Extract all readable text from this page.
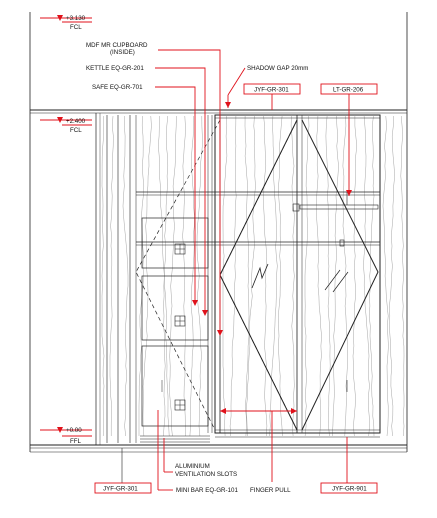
+3.130
FCL
+2.400
FCL
+0.00
FFL
MDF MR CUPBOARD
(INSIDE)
KETTLE EQ-GR-201
SAFE EQ-GR-701
SHADOW GAP 20mm
JYF-GR-301	LT-GR-206
ALUMINIUM
VENTILATION SLOTS
MINI BAR EQ-GR-101 FINGER PULL
JYF-GR-301	JYF-GR-901
